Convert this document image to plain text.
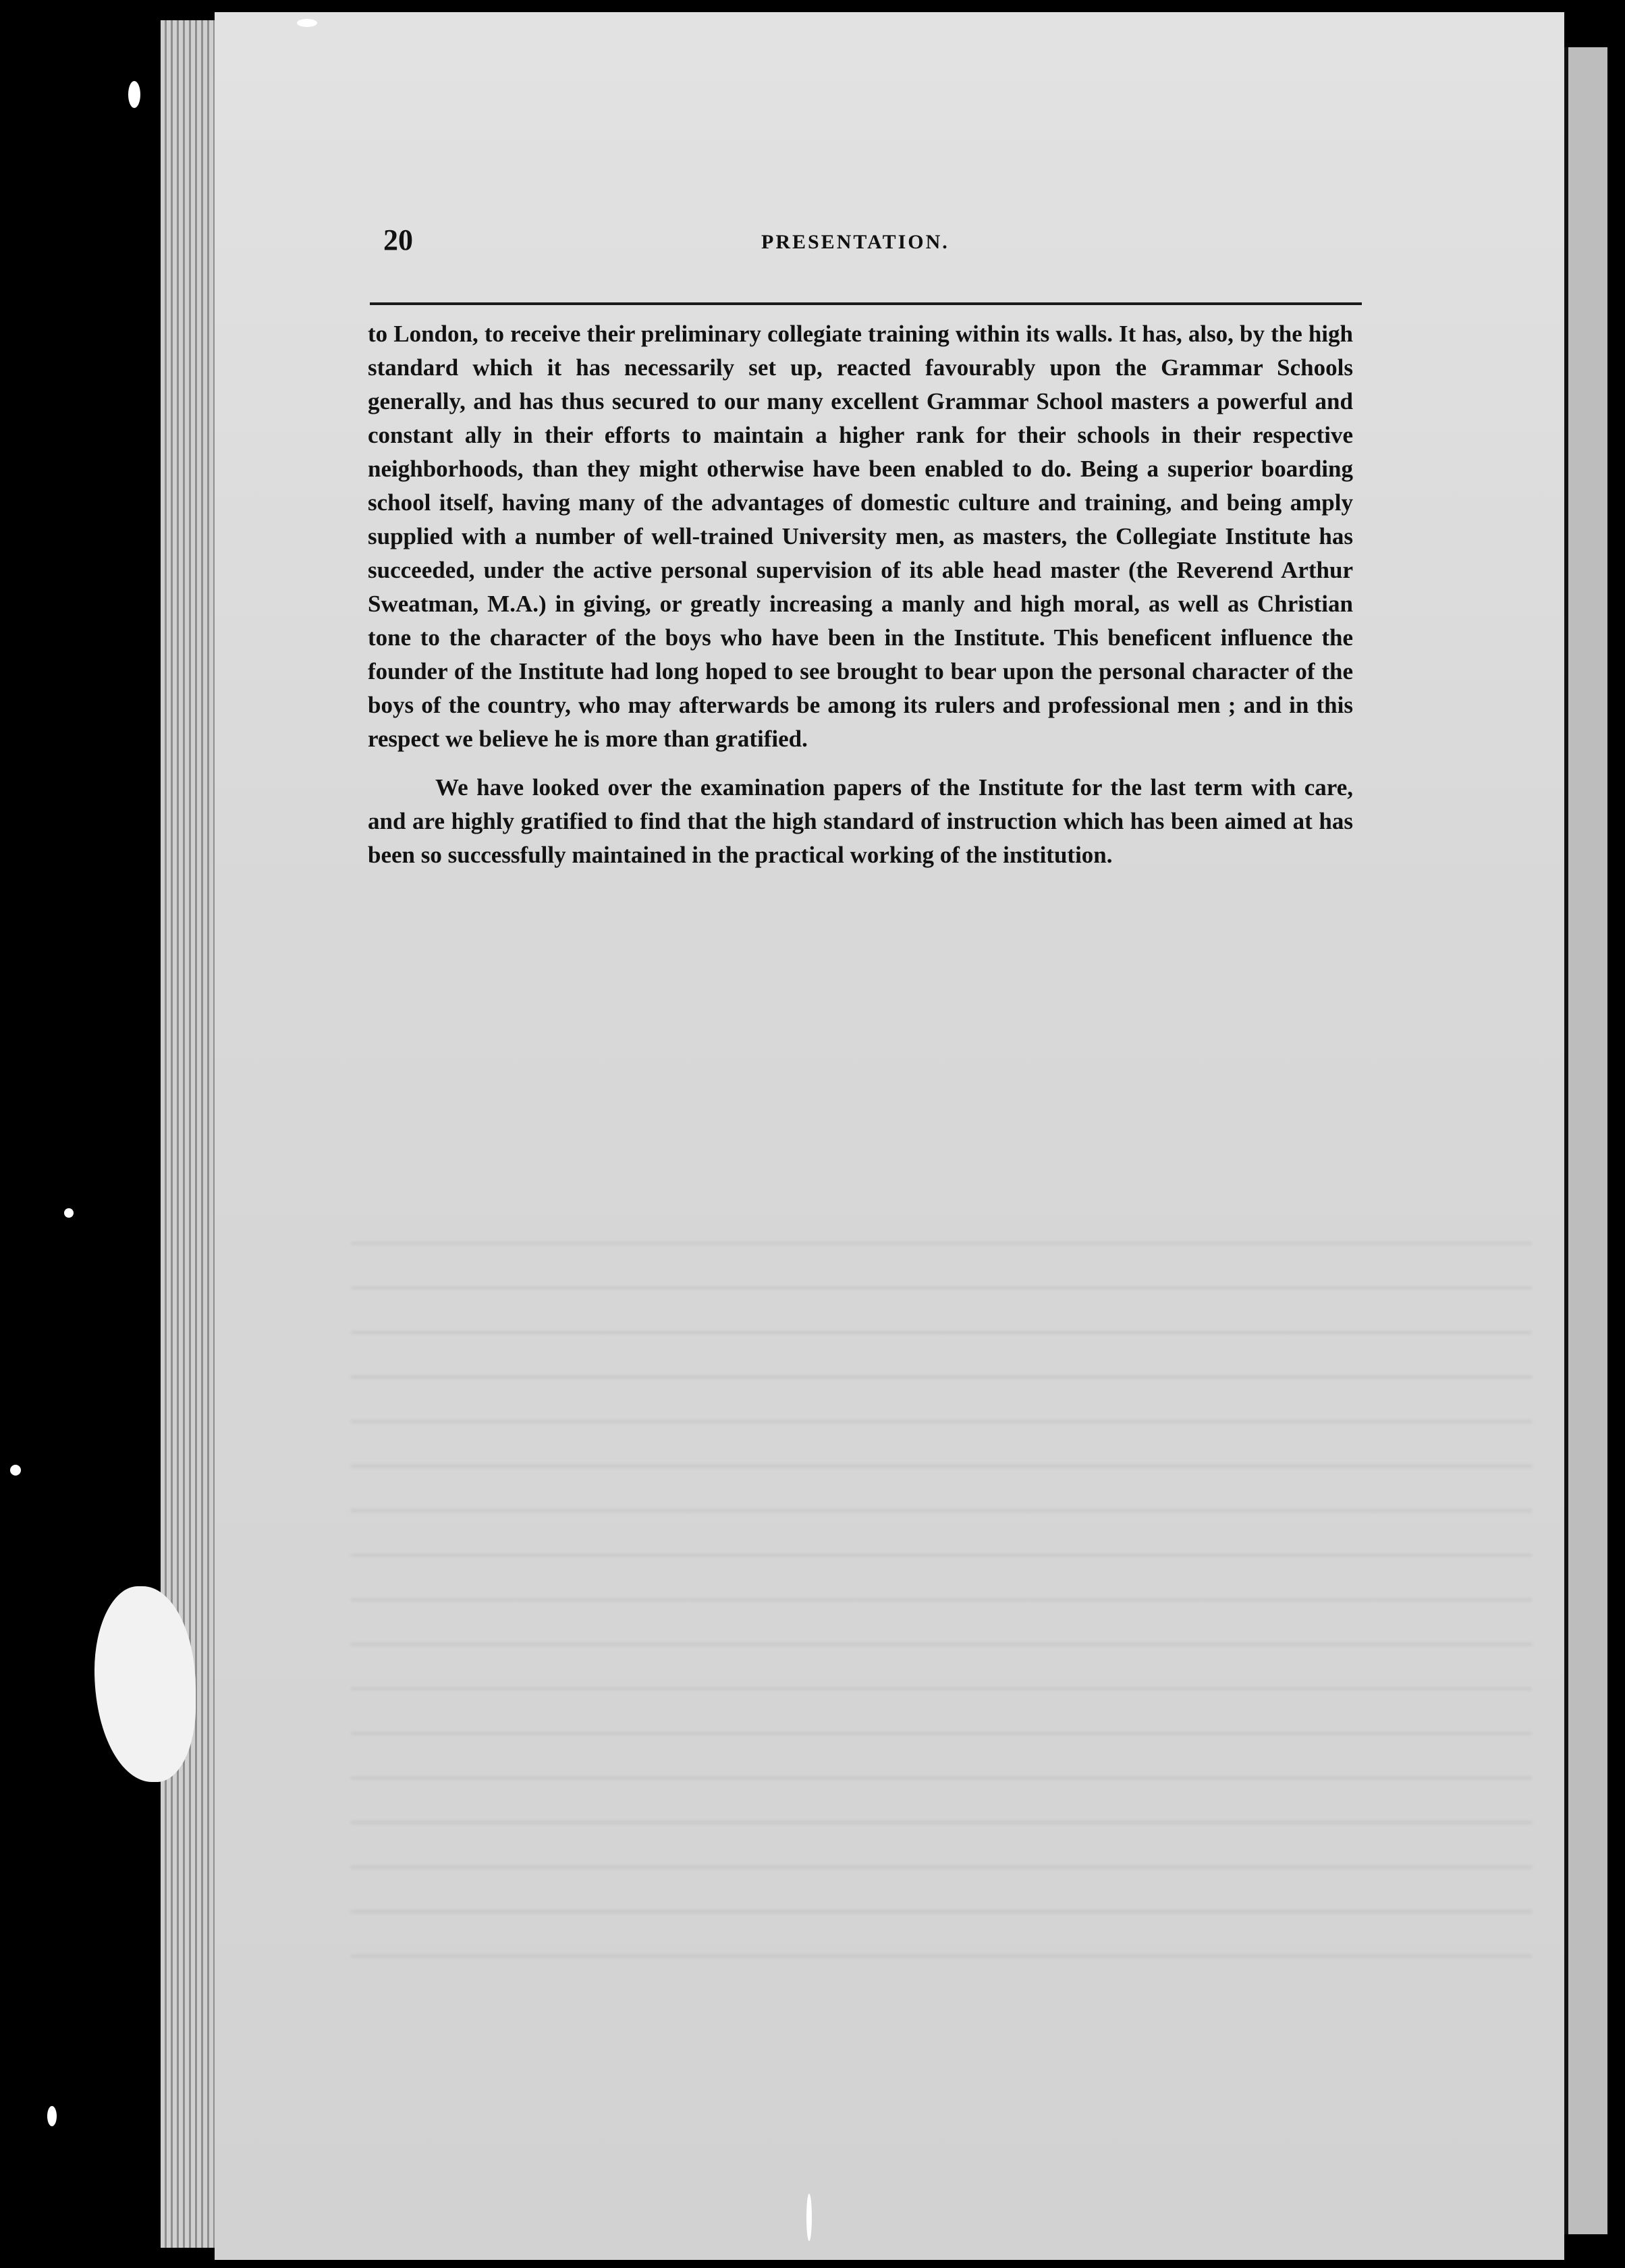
20	PRESENTATION.

to London, to receive their preliminary collegiate training within its walls. It has, also, by the high standard which it has necessarily set up, reacted favourably upon the Grammar Schools generally, and has thus secured to our many excellent Grammar School masters a powerful and constant ally in their efforts to maintain a higher rank for their schools in their respective neighborhoods, than they might otherwise have been enabled to do. Being a superior boarding school itself, having many of the advantages of domestic culture and training, and being amply supplied with a number of well-trained University men, as masters, the Collegiate Institute has succeeded, under the active personal supervision of its able head master (the Reverend Arthur Sweatman, M.A.) in giving, or greatly increasing a manly and high moral, as well as Christian tone to the character of the boys who have been in the Institute. This beneficent influence the founder of the Institute had long hoped to see brought to bear upon the personal character of the boys of the country, who may afterwards be among its rulers and professional men ; and in this respect we believe he is more than gratified.

We have looked over the examination papers of the Institute for the last term with care, and are highly gratified to find that the high standard of instruction which has been aimed at has been so successfully maintained in the practical working of the institution.
